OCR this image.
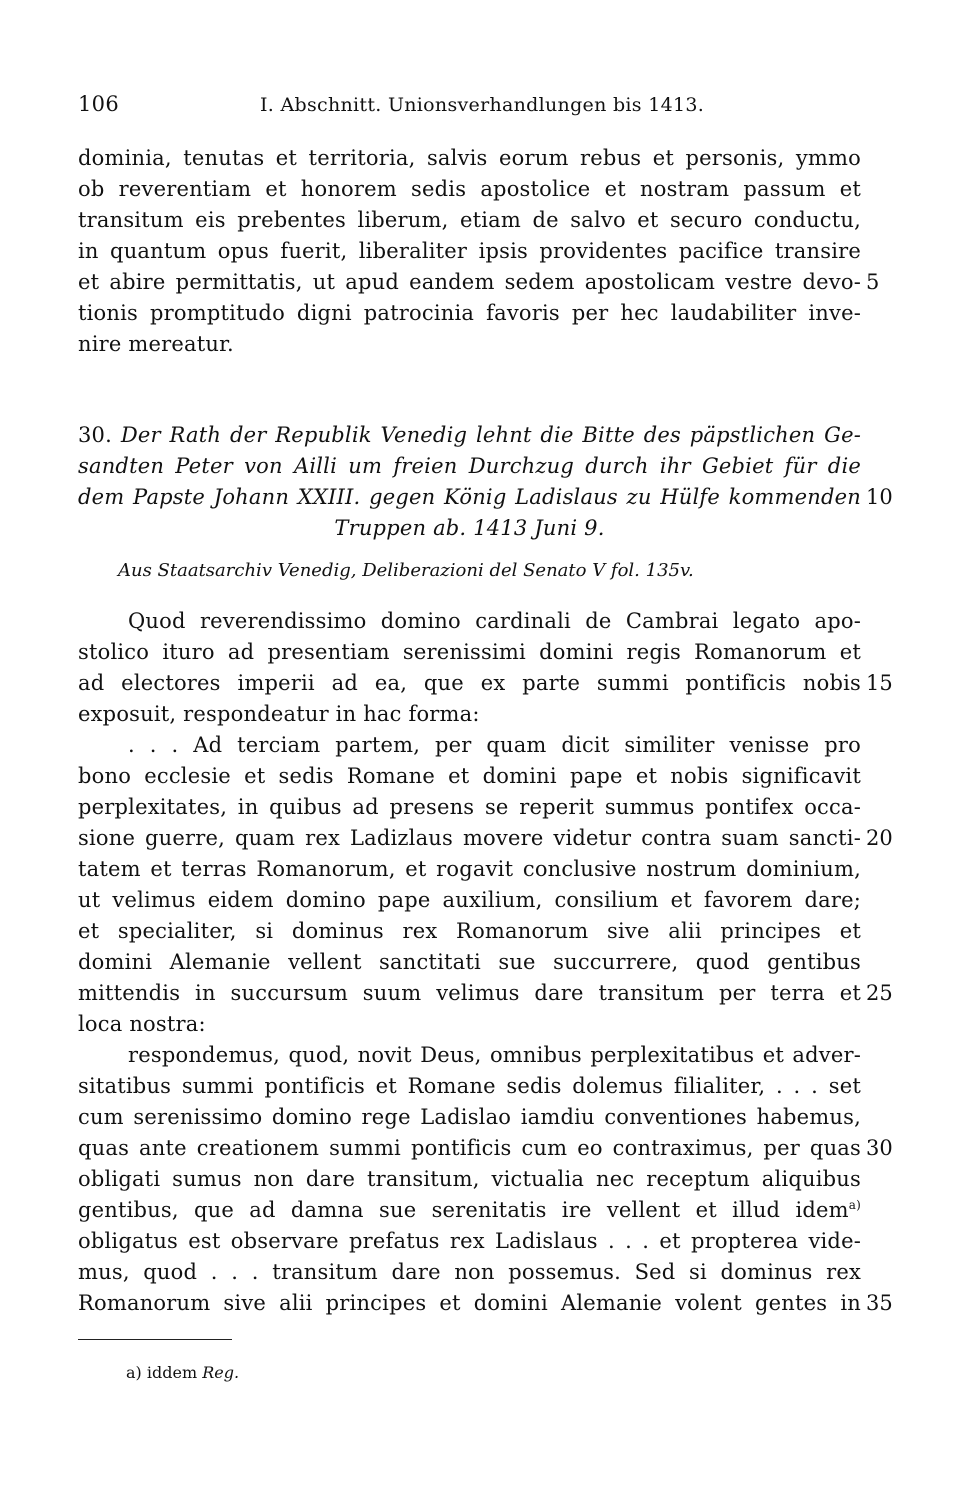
106	I. Abschnitt. Unionsverhandlungen bis 1413.
dominia, tenutas et territoria, salvis eorum rebus et personis, ymmo
ob reverentiam et honorem sedis apostolice et nostram passum et
transitum eis prebentes liberum, etiam de salvo et securo conductu,
in quantum opus fuerit, liberaliter ipsis providentes pacifice transire
et abire permittatis, ut apud eandem sedem apostolicam vestre devo-
tionis promptitudo digni patrocinia favoris per hec laudabiliter inve-
nire mereatur.
30. Der Rath der Republik Venedig lehnt die Bitte des päpstlichen Ge-
sandten Peter von Ailli um freien Durchzug durch ihr Gebiet für die
dem Papste Johann XXIII. gegen König Ladislaus zu Hülfe kommenden
Truppen ab. 1413 Juni 9.
Aus Staatsarchiv Venedig, Deliberazioni del Senato V fol. 135v.
Quod reverendissimo domino cardinali de Cambrai legato apo-
stolico ituro ad presentiam serenissimi domini regis Romanorum et
ad electores imperii ad ea, que ex parte summi pontificis nobis
exposuit, respondeatur in hac forma:
. . . Ad terciam partem, per quam dicit similiter venisse pro
bono ecclesie et sedis Romane et domini pape et nobis significavit
perplexitates, in quibus ad presens se reperit summus pontifex occa-
sione guerre, quam rex Ladizlaus movere videtur contra suam sancti-
tatem et terras Romanorum, et rogavit conclusive nostrum dominium,
ut velimus eidem domino pape auxilium, consilium et favorem dare;
et specialiter, si dominus rex Romanorum sive alii principes et
domini Alemanie vellent sanctitati sue succurrere, quod gentibus
mittendis in succursum suum velimus dare transitum per terra et
loca nostra:
respondemus, quod, novit Deus, omnibus perplexitatibus et adver-
sitatibus summi pontificis et Romane sedis dolemus filialiter, . . . set
cum serenissimo domino rege Ladislao iamdiu conventiones habemus,
quas ante creationem summi pontificis cum eo contraximus, per quas
obligati sumus non dare transitum, victualia nec receptum aliquibus
gentibus, que ad damna sue serenitatis ire vellent et illud idem$^{a)}$
obligatus est observare prefatus rex Ladislaus . . . et propterea vide-
mus, quod . . . transitum dare non possemus. Sed si dominus rex
Romanorum sive alii principes et domini Alemanie volent gentes in
5
10
15
20
25
30
35
a) iddem Reg.
